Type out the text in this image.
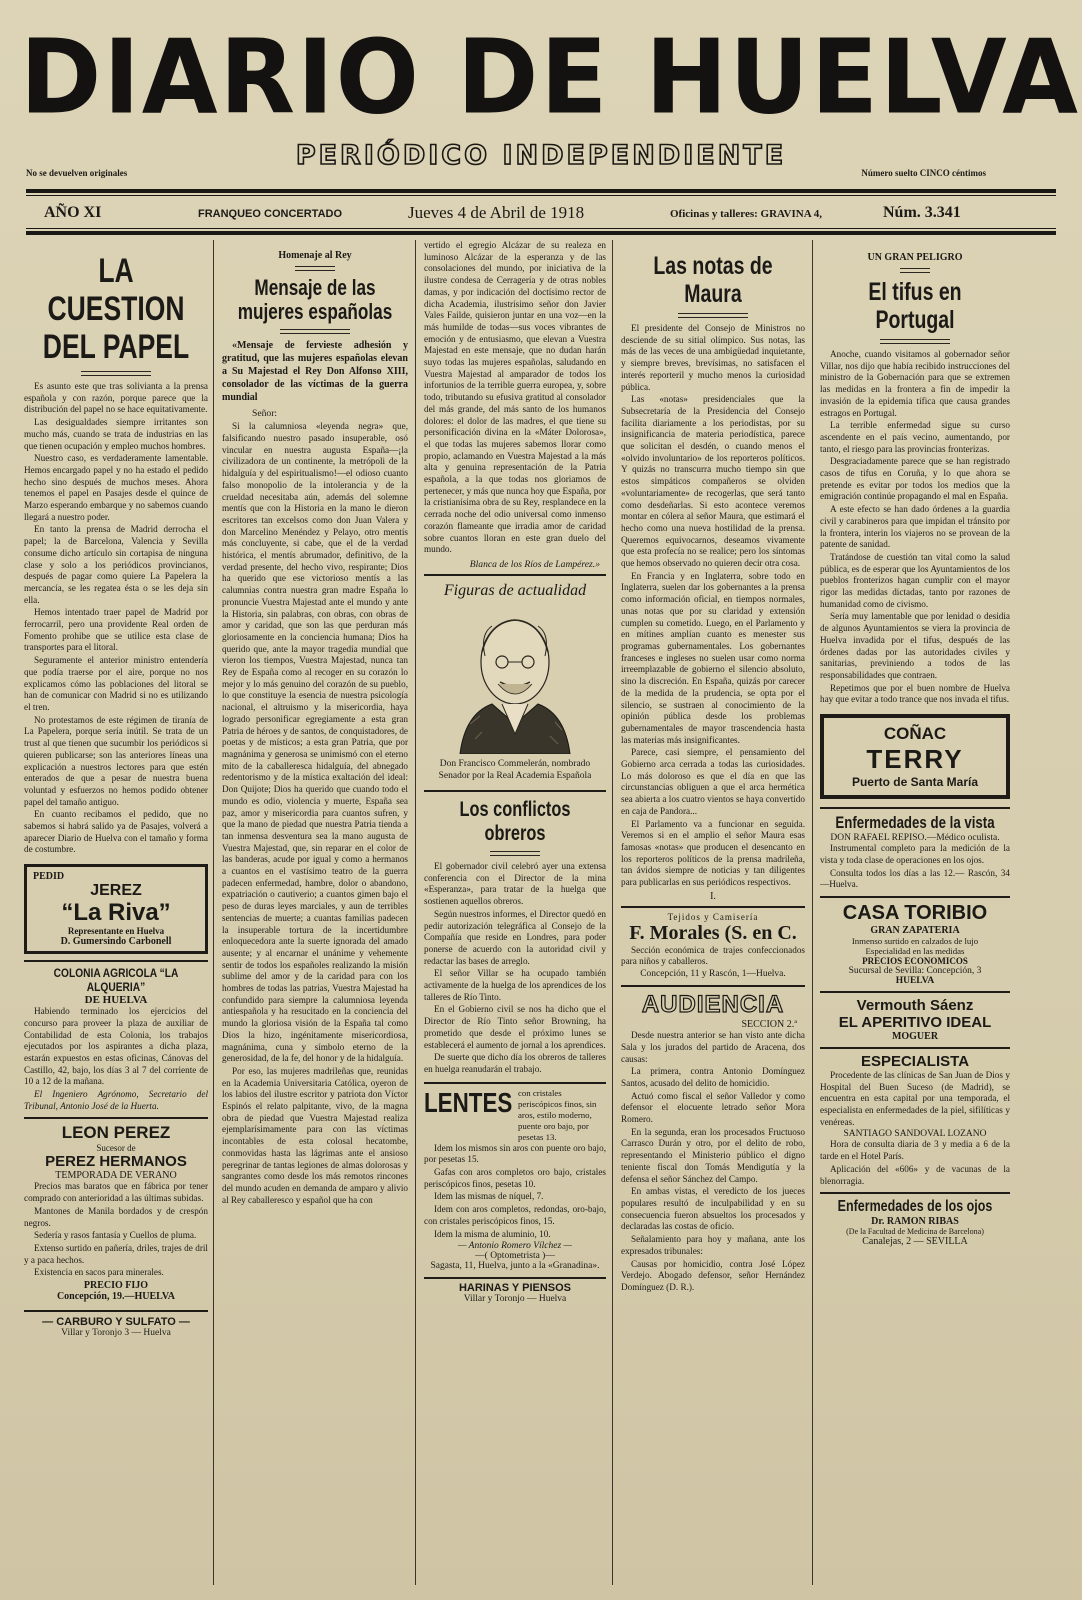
DIARIO DE HUELVA
PERIÓDICO INDEPENDIENTE
No se devuelven originales	Número suelto CINCO céntimos
AÑO XI	FRANQUEO CONCERTADO	Jueves 4 de Abril de 1918	Oficinas y talleres: GRAVINA 4,	Núm. 3.341
LA CUESTION DEL PAPEL

Es asunto este que tras solivianta a la prensa española y con razón, porque parece que la distribución del papel no se hace equitativamente.

Las desigualdades siempre irritantes son mucho más, cuando se trata de industrias en las que tienen ocupación y empleo muchos hombres.

Nuestro caso, es verdaderamente lamentable. Hemos encargado papel y no ha estado el pedido hecho sino después de muchos meses. Ahora tenemos el papel en Pasajes desde el quince de Marzo esperando embarque y no sabemos cuando llegará a nuestro poder.

En tanto la prensa de Madrid derrocha el papel; la de Barcelona, Valencia y Sevilla consume dicho artículo sin cortapisa de ninguna clase y solo a los periódicos provincianos, después de pagar como quiere La Papelera la mercancía, se les regatea ésta o se les deja sin ella.

Hemos intentado traer papel de Madrid por ferrocarril, pero una providente Real orden de Fomento prohibe que se utilice esta clase de transportes para el litoral.

Seguramente el anterior ministro entendería que podía traerse por el aire, porque no nos explicamos cómo las poblaciones del litoral se han de comunicar con Madrid si no es utilizando el tren.

No protestamos de este régimen de tiranía de La Papelera, porque sería inútil. Se trata de un trust al que tienen que sucumbir los periódicos si quieren publicarse; son las anteriores líneas una explicación a nuestros lectores para que estén enterados de que a pesar de nuestra buena voluntad y esfuerzos no hemos podido obtener papel del tamaño antiguo.

En cuanto recibamos el pedido, que no sabemos si habrá salido ya de Pasajes, volverá a aparecer Diario de Huelva con el tamaño y forma de costumbre.

PEDID
JEREZ
“La Riva”
Representante en Huelva
D. Gumersindo Carbonell
COLONIA AGRICOLA “LA ALQUERIA”
DE HUELVA

Habiendo terminado los ejercicios del concurso para proveer la plaza de auxiliar de Contabilidad de esta Colonia, los trabajos ejecutados por los aspirantes a dicha plaza, estarán expuestos en estas oficinas, Cánovas del Castillo, 42, bajo, los días 3 al 7 del corriente de 10 a 12 de la mañana.

El Ingeniero Agrónomo, Secretario del Tribunal, Antonio José de la Huerta.

LEON PEREZ
Sucesor de
PEREZ HERMANOS
TEMPORADA DE VERANO

Precios mas baratos que en fábrica por tener comprado con anterioridad a las últimas subidas.

Mantones de Manila bordados y de crespón negros.

Sedería y rasos fantasía y Cuellos de pluma.

Extenso surtido en pañería, driles, trajes de dril y a paca hechos.

Existencia en sacos para minerales.

PRECIO FIJO
Concepción, 19.—HUELVA
— CARBURO Y SULFATO —
Villar y Toronjo 3 — Huelva
Homenaje al Rey
Mensaje de las mujeres españolas

«Mensaje de fervieste adhesión y gratitud, que las mujeres españolas elevan a Su Majestad el Rey Don Alfonso XIII, consolador de las víctimas de la guerra mundial

Señor:

Si la calumniosa «leyenda negra» que, falsificando nuestro pasado insuperable, osó vincular en nuestra augusta España—¡la civilizadora de un continente, la metrópoli de la hidalguía y del espiritualismo!—el odioso cuanto falso monopolio de la intolerancia y de la crueldad necesitaba aún, además del solemne mentís que con la Historia en la mano le dieron escritores tan excelsos como don Juan Valera y don Marcelino Menéndez y Pelayo, otro mentís más concluyente, si cabe, que el de la verdad histórica, el mentís abrumador, definitivo, de la verdad presente, del hecho vivo, respirante; Dios ha querido que ese victorioso mentís a las calumnias contra nuestra gran madre España lo pronuncie Vuestra Majestad ante el mundo y ante la Historia, sin palabras, con obras, con obras de amor y caridad, que son las que perduran más gloriosamente en la conciencia humana; Dios ha querido que, ante la mayor tragedia mundial que vieron los tiempos, Vuestra Majestad, nunca tan Rey de España como al recoger en su corazón lo mejor y lo más genuino del corazón de su pueblo, lo que constituye la esencia de nuestra psicología nacional, el altruismo y la misericordia, haya logrado personificar egregiamente a esta gran Patria de héroes y de santos, de conquistadores, de poetas y de místicos; a esta gran Patria, que por magnánima y generosa se unimismó con el eterno mito de la caballeresca hidalguía, del abnegado redentorismo y de la mística exaltación del ideal: Don Quijote; Dios ha querido que cuando todo el mundo es odio, violencia y muerte, España sea paz, amor y misericordia para cuantos sufren, y que la mano de piedad que nuestra Patria tienda a tan inmensa desventura sea la mano augusta de Vuestra Majestad, que, sin reparar en el color de las banderas, acude por igual y como a hermanos a cuantos en el vastísimo teatro de la guerra padecen enfermedad, hambre, dolor o abandono, expatriación o cautiverio; a cuantos gimen bajo el peso de duras leyes marciales, y aun de terribles sentencias de muerte; a cuantas familias padecen la insuperable tortura de la incertidumbre enloquecedora ante la suerte ignorada del amado ausente; y al encarnar el unánime y vehemente sentir de todos los españoles realizando la misión sublime del amor y de la caridad para con los hombres de todas las patrias, Vuestra Majestad ha confundido para siempre la calumniosa leyenda antiespañola y ha resucitado en la conciencia del mundo la gloriosa visión de la España tal como Dios la hizo, ingénitamente misericordiosa, magnánima, cuna y símbolo eterno de la generosidad, de la fe, del honor y de la hidalguía.

Por eso, las mujeres madrileñas que, reunidas en la Academia Universitaria Católica, oyeron de los labios del ilustre escritor y patriota don Víctor Espinós el relato palpitante, vivo, de la magna obra de piedad que Vuestra Majestad realiza ejemplarísimamente para con las víctimas incontables de esta colosal hecatombe, conmovidas hasta las lágrimas ante el ansioso peregrinar de tantas legiones de almas dolorosas y sangrantes como desde los más remotos rincones del mundo acuden en demanda de amparo y alivio al Rey caballeresco y español que ha con

vertido el egregio Alcázar de su realeza en luminoso Alcázar de la esperanza y de las consolaciones del mundo, por iniciativa de la ilustre condesa de Cerragería y de otras nobles damas, y por indicación del doctísimo rector de dicha Academia, ilustrísimo señor don Javier Vales Failde, quisieron juntar en una voz—en la más humilde de todas—sus voces vibrantes de emoción y de entusiasmo, que elevan a Vuestra Majestad en este mensaje, que no dudan harán suyo todas las mujeres españolas, saludando en Vuestra Majestad al amparador de todos los infortunios de la terrible guerra europea, y, sobre todo, tributando su efusiva gratitud al consolador del más grande, del más santo de los humanos dolores: el dolor de las madres, el que tiene su personificación divina en la «Máter Dolorosa», el que todas las mujeres sabemos llorar como propio, aclamando en Vuestra Majestad a la más alta y genuina representación de la Patria española, a la que todas nos gloriamos de pertenecer, y más que nunca hoy que España, por la cristianísima obra de su Rey, resplandece en la cerrada noche del odio universal como inmenso corazón flameante que irradia amor de caridad sobre cuantos lloran en este gran duelo del mundo.

Blanca de los Ríos de Lampérez.»
Figuras de actualidad
Don Francisco Commelerán, nombrado Senador por la Real Academia Española
Los conflictos obreros

El gobernador civil celebró ayer una extensa conferencia con el Director de la mina «Esperanza», para tratar de la huelga que sostienen aquellos obreros.

Según nuestros informes, el Director quedó en pedir autorización telegráfica al Consejo de la Compañía que reside en Londres, para poder ponerse de acuerdo con la autoridad civil y redactar las bases de arreglo.

El señor Villar se ha ocupado también activamente de la huelga de los aprendices de los talleres de Río Tinto.

En el Gobierno civil se nos ha dicho que el Director de Río Tinto señor Browning, ha prometido que desde el próximo lunes se establecerá el aumento de jornal a los aprendices.

De suerte que dicho día los obreros de talleres en huelga reanudarán el trabajo.

LENTES con cristales periscópicos finos, sin aros, estilo moderno, puente oro bajo, por pesetas 13.

Idem los mismos sin aros con puente oro bajo, por pesetas 15.

Gafas con aros completos oro bajo, cristales periscópicos finos, pesetas 10.

Idem las mismas de níquel, 7.

Idem con aros completos, redondas, oro-bajo, con cristales periscópicos finos, 15.

Idem la misma de aluminio, 10.

— Antonio Romero Vílchez —
—( Optometrista )—
Sagasta, 11, Huelva, junto a la «Granadina».
HARINAS Y PIENSOS
Villar y Toronjo — Huelva
Las notas de Maura

El presidente del Consejo de Ministros no desciende de su sitial olímpico. Sus notas, las más de las veces de una ambigüedad inquietante, y siempre breves, brevísimas, no satisfacen el interés reporteril y mucho menos la curiosidad pública.

Las «notas» presidenciales que la Subsecretaría de la Presidencia del Consejo facilita diariamente a los periodistas, por su insignificancia de materia periodística, parece que solicitan el desdén, o cuando menos el «olvido involuntario» de los reporteros políticos. Y quizás no transcurra mucho tiempo sin que estos simpáticos compañeros se olviden «voluntariamente» de recogerlas, que será tanto como desdeñarlas. Si esto acontece veremos montar en cólera al señor Maura, que estimará el hecho como una nueva hostilidad de la prensa. Queremos equivocarnos, deseamos vivamente que esta profecía no se realice; pero los síntomas que hemos observado no quieren decir otra cosa.

En Francia y en Inglaterra, sobre todo en Inglaterra, suelen dar los gobernantes a la prensa como información oficial, en tiempos normales, unas notas que por su claridad y extensión cumplen su cometido. Luego, en el Parlamento y en mítines amplían cuanto es menester sus programas gubernamentales. Los gobernantes franceses e ingleses no suelen usar como norma irreemplazable de gobierno el silencio absoluto, sino la discreción. En España, quizás por carecer de la medida de la prudencia, se opta por el silencio, se sustraen al conocimiento de la opinión pública desde los problemas gubernamentales de mayor trascendencia hasta las materias más insignificantes.

Parece, casi siempre, el pensamiento del Gobierno arca cerrada a todas las curiosidades. Lo más doloroso es que el día en que las circunstancias obliguen a que el arca hermética sea abierta a los cuatro vientos se haya convertido en caja de Pandora...

El Parlamento va a funcionar en seguida. Veremos si en el amplio el señor Maura esas famosas «notas» que producen el desencanto en los reporteros políticos de la prensa madrileña, tan ávidos siempre de noticias y tan diligentes para publicarlas en sus periódicos respectivos.

I.
Tejidos y Camisería
F. Morales (S. en C.

Sección económica de trajes confeccionados para niños y caballeros.

Concepción, 11 y Rascón, 1—Huelva.
AUDIENCIA
SECCION 2.ª

Desde nuestra anterior se han visto ante dicha Sala y los jurados del partido de Aracena, dos causas:

La primera, contra Antonio Domínguez Santos, acusado del delito de homicidio.

Actuó como fiscal el señor Valledor y como defensor el elocuente letrado señor Mora Romero.

En la segunda, eran los procesados Fructuoso Carrasco Durán y otro, por el delito de robo, representando el Ministerio público el digno teniente fiscal don Tomás Mendigutía y la defensa el señor Sánchez del Campo.

En ambas vistas, el veredicto de los jueces populares resultó de inculpabilidad y en su consecuencia fueron absueltos los procesados y declaradas las costas de oficio.

Señalamiento para hoy y mañana, ante los expresados tribunales:

Causas por homicidio, contra José López Verdejo. Abogado defensor, señor Hernández Domínguez (D. R.).

UN GRAN PELIGRO
El tifus en Portugal

Anoche, cuando visitamos al gobernador señor Villar, nos dijo que había recibido instrucciones del ministro de la Gobernación para que se extremen las medidas en la frontera a fin de impedir la invasión de la epidemia tífica que causa grandes estragos en Portugal.

La terrible enfermedad sigue su curso ascendente en el país vecino, aumentando, por tanto, el riesgo para las provincias fronterizas.

Desgraciadamente parece que se han registrado casos de tifus en Coruña, y lo que ahora se pretende es evitar por todos los medios que la emigración continúe propagando el mal en España.

A este efecto se han dado órdenes a la guardia civil y carabineros para que impidan el tránsito por la frontera, interin los viajeros no se provean de la patente de sanidad.

Tratándose de cuestión tan vital como la salud pública, es de esperar que los Ayuntamientos de los pueblos fronterizos hagan cumplir con el mayor rigor las medidas dictadas, tanto por razones de humanidad como de civismo.

Sería muy lamentable que por lenidad o desidia de algunos Ayuntamientos se viera la provincia de Huelva invadida por el tifus, después de las órdenes dadas por las autoridades civiles y sanitarias, previniendo a todos de las responsabilidades que contraen.

Repetimos que por el buen nombre de Huelva hay que evitar a todo trance que nos invada el tifus.

COÑAC
TERRY
Puerto de Santa María
Enfermedades de la vista
DON RAFAEL REPISO.—Médico oculista.

Instrumental completo para la medición de la vista y toda clase de operaciones en los ojos.

Consulta todos los días a las 12.— Rascón, 34 —Huelva.

CASA TORIBIO
GRAN ZAPATERIA
Inmenso surtido en calzados de lujo
Especialidad en las medidas
PRECIOS ECONOMICOS
Sucursal de Sevilla: Concepción, 3
HUELVA
Vermouth Sáenz
EL APERITIVO IDEAL
MOGUER
ESPECIALISTA

Procedente de las clínicas de San Juan de Dios y Hospital del Buen Suceso (de Madrid), se encuentra en esta capital por una temporada, el especialista en enfermedades de la piel, sifilíticas y venéreas.

SANTIAGO SANDOVAL LOZANO

Hora de consulta diaria de 3 y media a 6 de la tarde en el Hotel París.

Aplicación del «606» y de vacunas de la blenorragia.

Enfermedades de los ojos
Dr. RAMON RIBAS
(De la Facultad de Medicina de Barcelona)
Canalejas, 2 — SEVILLA
